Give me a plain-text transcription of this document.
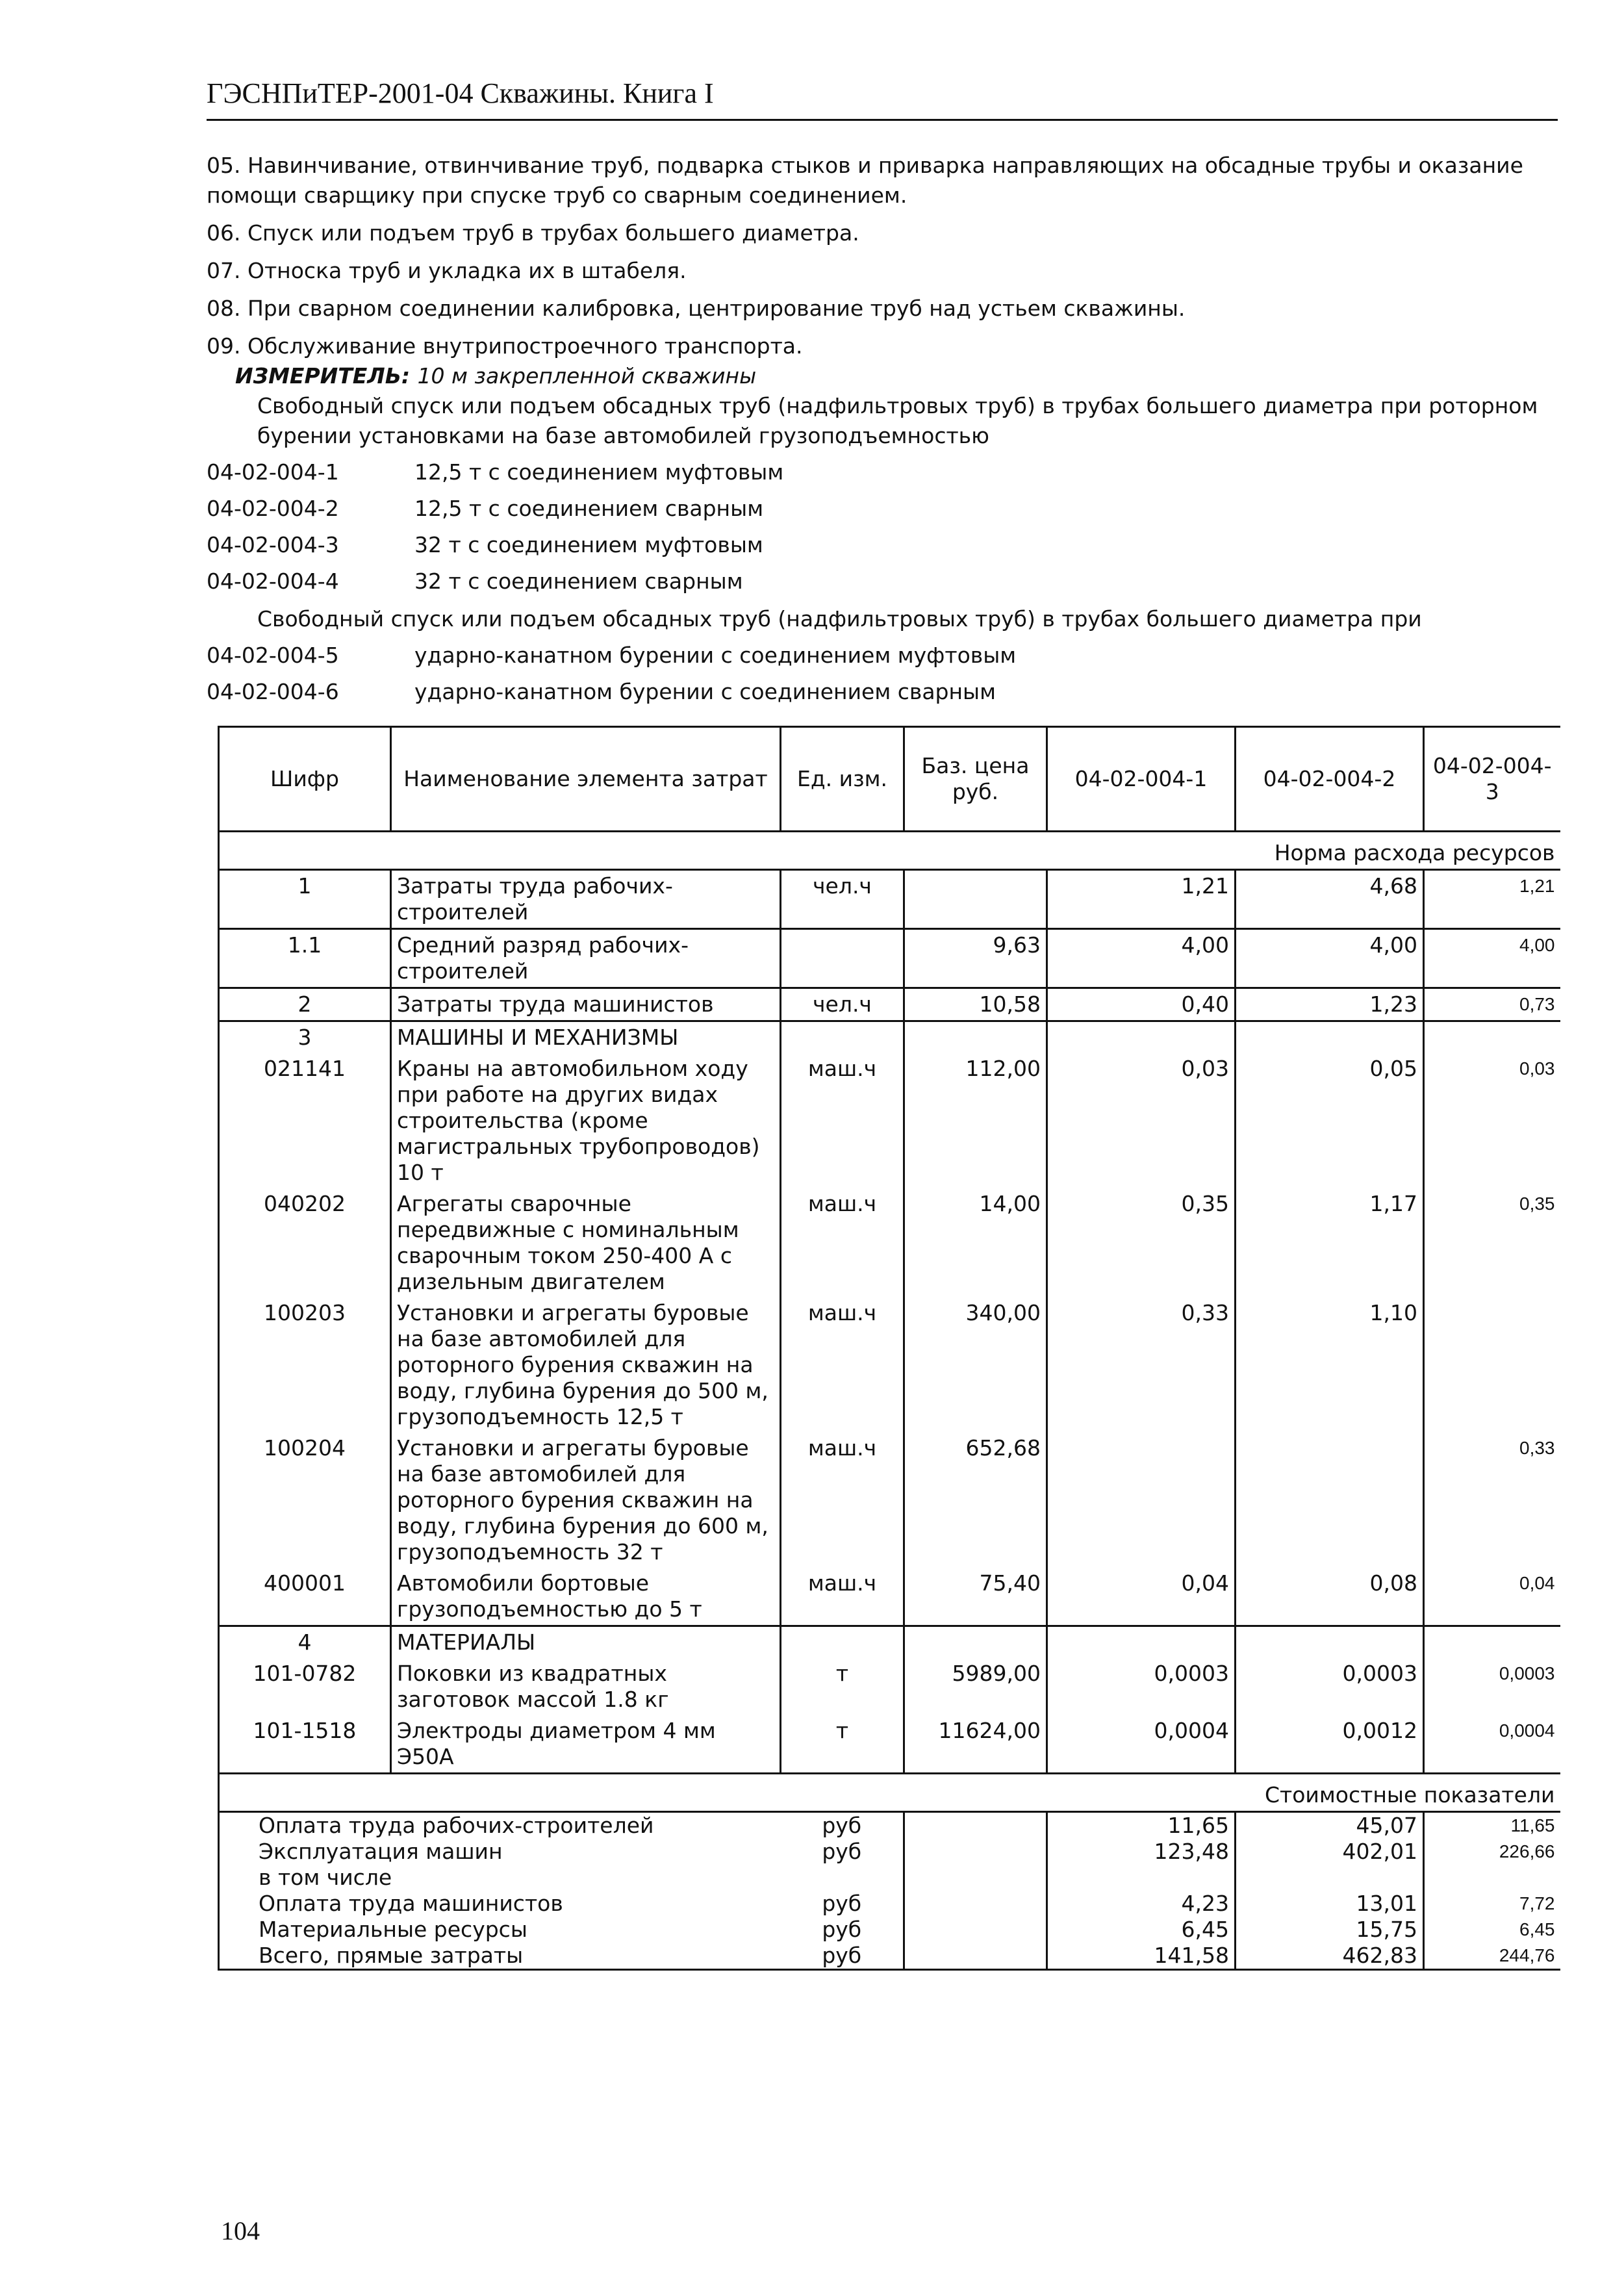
ГЭСНПиТЕР-2001-04 Скважины. Книга I

05. Навинчивание, отвинчивание труб, подварка стыков и приварка направляющих на обсадные трубы и оказание

помощи сварщику при спуске труб со сварным соединением.

06. Спуск или подъем труб в трубах большего диаметра.

07. Относка труб и укладка их в штабеля.

08. При сварном соединении калибровка, центрирование труб над устьем скважины.

09. Обслуживание внутрипостроечного транспорта.

ИЗМЕРИТЕЛЬ: 10 м закрепленной скважины

Свободный спуск или подъем обсадных труб (надфильтровых труб) в трубах большего диаметра при роторном

бурении установками на базе автомобилей грузоподъемностью

04-02-004-1	12,5 т с соединением муфтовым
04-02-004-2	12,5 т с соединением сварным
04-02-004-3	32 т с соединением муфтовым
04-02-004-4	32 т с соединением сварным

Свободный спуск или подъем обсадных труб (надфильтровых труб) в трубах большего диаметра при

04-02-004-5	ударно-канатном бурении с соединением муфтовым
04-02-004-6	ударно-канатном бурении с соединением сварным
Шифр	Наименование элемента затрат	Ед. изм.	Баз. цена руб.	04-02-004-1	04-02-004-2	04-02-004-3
Норма расхода ресурсов						
1	Затраты труда рабочих-строителей	чел.ч		1,21	4,68	1,21
1.1	Средний разряд рабочих-строителей		9,63	4,00	4,00	4,00
2	Затраты труда машинистов	чел.ч	10,58	0,40	1,23	0,73
3	МАШИНЫ И МЕХАНИЗМЫ					
021141	Краны на автомобильном ходу при работе на других видах строительства (кроме магистральных трубопроводов) 10 т	маш.ч	112,00	0,03	0,05	0,03
040202	Агрегаты сварочные передвижные с номинальным сварочным током 250-400 А с дизельным двигателем	маш.ч	14,00	0,35	1,17	0,35
100203	Установки и агрегаты буровые на базе автомобилей для роторного бурения скважин на воду, глубина бурения до 500 м, грузоподъемность 12,5 т	маш.ч	340,00	0,33	1,10	
100204	Установки и агрегаты буровые на базе автомобилей для роторного бурения скважин на воду, глубина бурения до 600 м, грузоподъемность 32 т	маш.ч	652,68			0,33
400001	Автомобили бортовые грузоподъемностью до 5 т	маш.ч	75,40	0,04	0,08	0,04
4	МАТЕРИАЛЫ					
101-0782	Поковки из квадратных заготовок массой 1.8 кг	т	5989,00	0,0003	0,0003	0,0003
101-1518	Электроды диаметром 4 мм Э50А	т	11624,00	0,0004	0,0012	0,0004
Стоимостные показатели						
Оплата труда рабочих-строителей		руб		11,65	45,07	11,65
Эксплуатация машин		руб		123,48	402,01	226,66
в том числе						
Оплата труда машинистов		руб		4,23	13,01	7,72
Материальные ресурсы		руб		6,45	15,75	6,45
Всего, прямые затраты		руб		141,58	462,83	244,76
104
